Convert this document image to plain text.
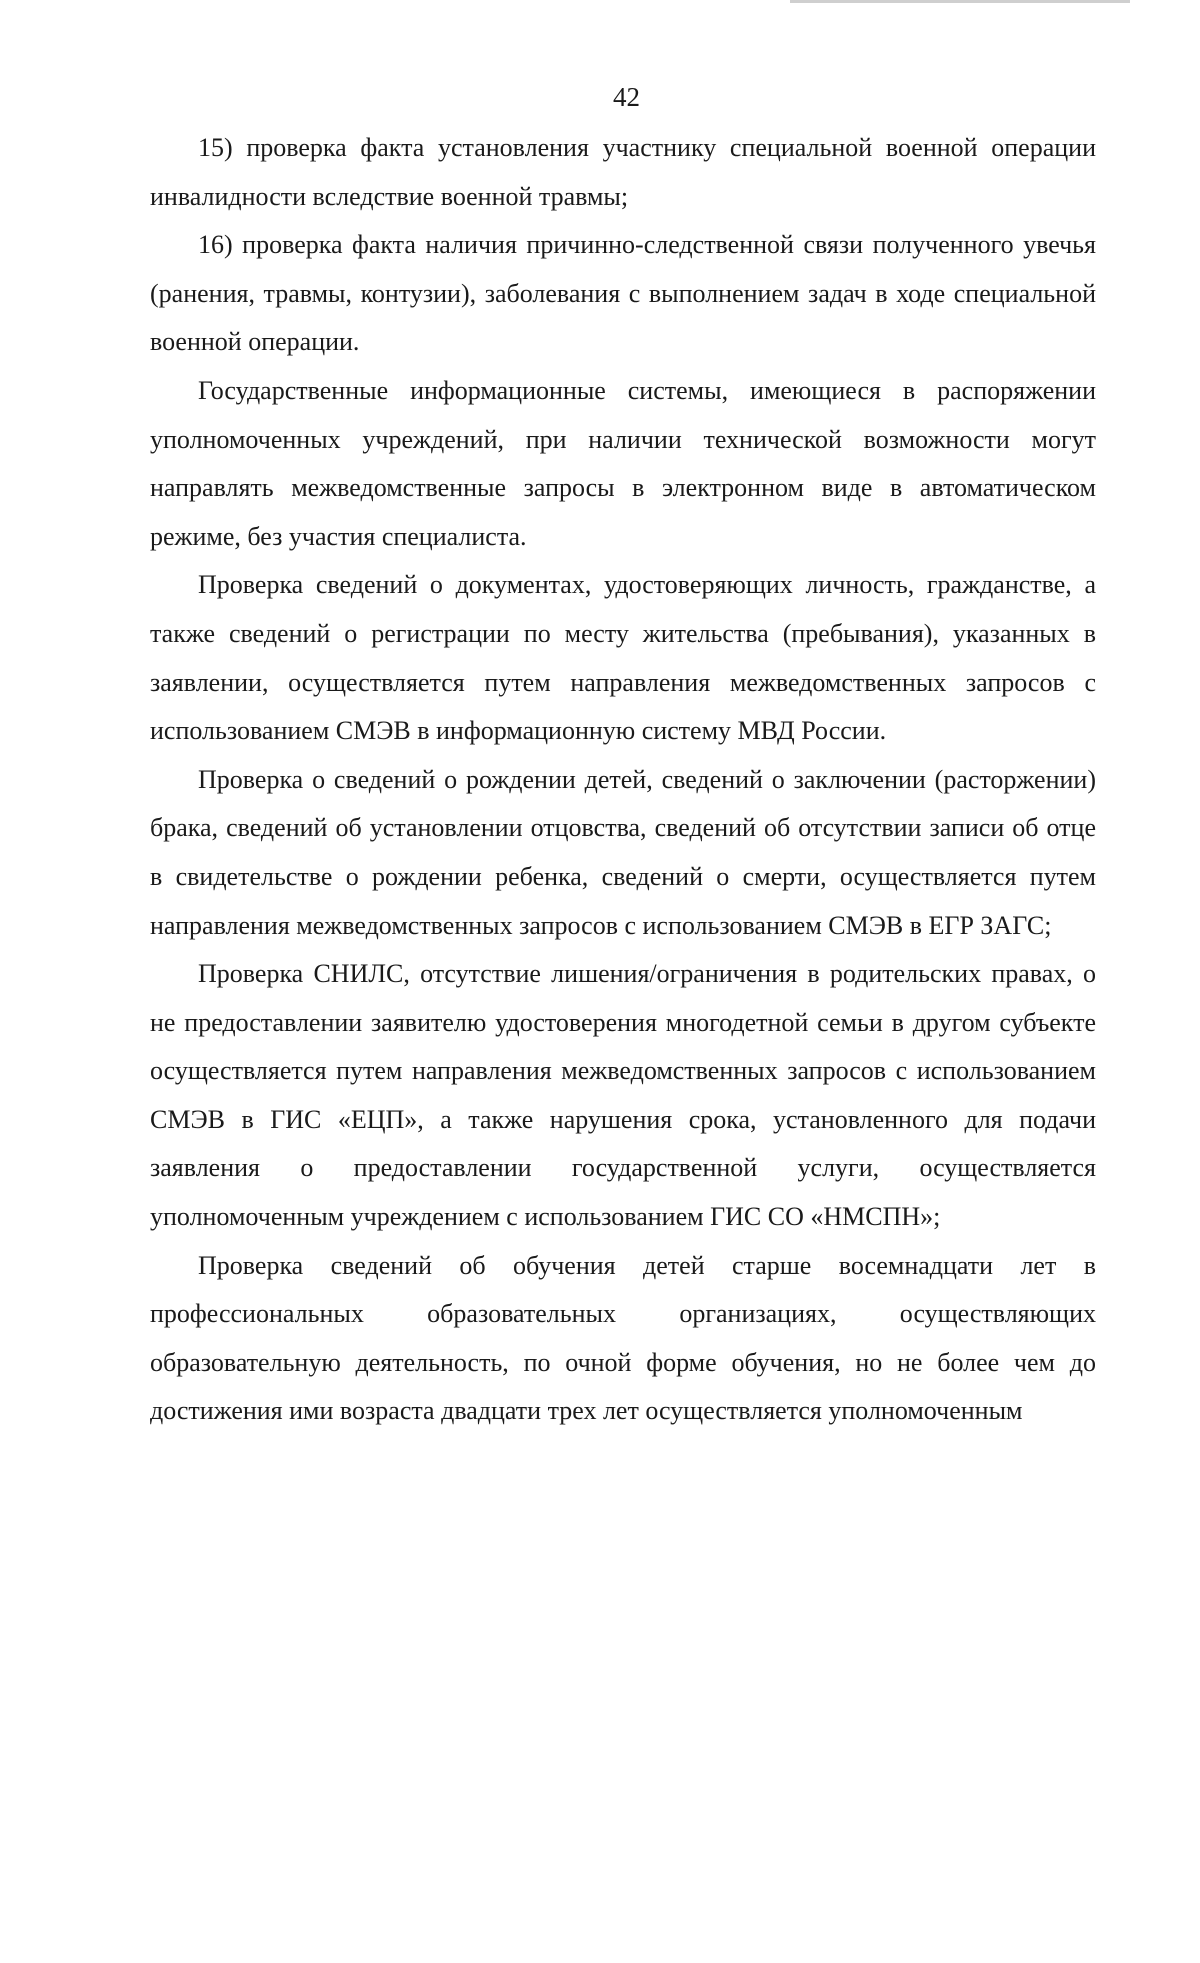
42

15) проверка факта установления участнику специальной военной операции инвалидности вследствие военной травмы;

16) проверка факта наличия причинно-следственной связи полученного увечья (ранения, травмы, контузии), заболевания с выполнением задач в ходе специальной военной операции.

Государственные информационные системы, имеющиеся в распоряжении уполномоченных учреждений, при наличии технической возможности могут направлять межведомственные запросы в электронном виде в автоматическом режиме, без участия специалиста.

Проверка сведений о документах, удостоверяющих личность, гражданстве, а также сведений о регистрации по месту жительства (пребывания), указанных в заявлении, осуществляется путем направления межведомственных запросов с использованием СМЭВ в информационную систему МВД России.

Проверка о сведений о рождении детей, сведений о заключении (расторжении) брака, сведений об установлении отцовства, сведений об отсутствии записи об отце в свидетельстве о рождении ребенка, сведений о смерти, осуществляется путем направления межведомственных запросов с использованием СМЭВ в ЕГР ЗАГС;

Проверка СНИЛС, отсутствие лишения/ограничения в родительских правах, о не предоставлении заявителю удостоверения многодетной семьи в другом субъекте осуществляется путем направления межведомственных запросов с использованием СМЭВ в ГИС «ЕЦП», а также нарушения срока, установленного для подачи заявления о предоставлении государственной услуги, осуществляется уполномоченным учреждением с использованием ГИС СО «НМСПН»;

Проверка сведений об обучения детей старше восемнадцати лет в профессиональных образовательных организациях, осуществляющих образовательную деятельность, по очной форме обучения, но не более чем до достижения ими возраста двадцати трех лет осуществляется уполномоченным
